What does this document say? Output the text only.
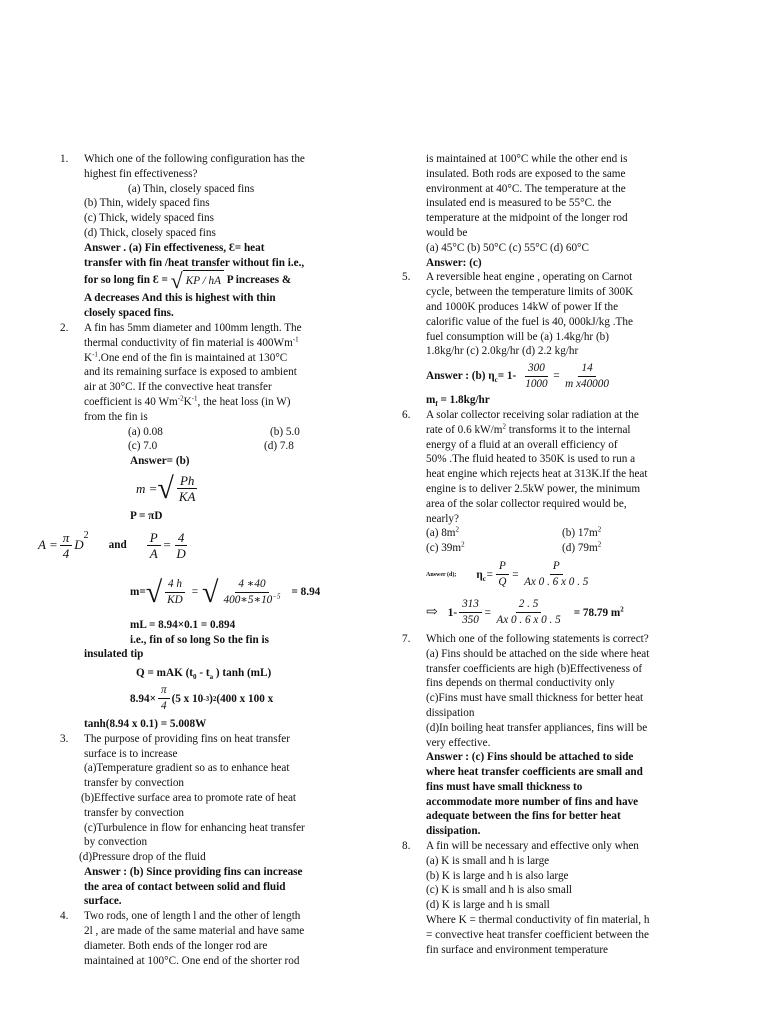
1. Which one of the following configuration has the
highest fin effectiveness?
(a) Thin, closely spaced fins
(b) Thin, widely spaced fins
(c) Thick, widely spaced fins
(d) Thick, closely spaced fins
Answer . (a) Fin effectiveness, Ɛ= heat
transfer with fin /heat transfer without fin i.e.,
for so long fin Ɛ = √ KP / hA P increases &
A decreases And this is highest with thin
closely spaced fins.
2. A fin has 5mm diameter and 100mm length. The
thermal conductivity of fin material is $400Wm^{-1}$
$K^{-1}.One$ end of the fin is maintained at 130°C
and its remaining surface is exposed to ambient
air at 30°C. If the convective heat transfer
coefficient is 40 $Wm^{-2}K^{-1}$, the heat loss (in W)
from the fin is
(a) 0.08	(b) 5.0
(c) 7.0	(d) 7.8
Answer= (b)
m = √ $\frac{Ph}{KA}$
P = πD
$A = \frac{\pi}{4}$ D
$^2$
and $\frac{P}{A} = \frac{4}{D}$
m= √ $\frac{4 h}{KD}$ = √ $\frac{4 ∗40}{400∗5∗10^{-5}} = 8.94$
mL = 8.94×0.1 = 0.894
i.e., fin of so long So the fin is
insulated tip
Q = mAK ($t_0 - t_a$ ) tanh (mL)
$8.94\times \frac{\pi}{4} (5$ x 10 -3 ) 2 (400 x 100 x
tanh(8.94 x 0.1) = 5.008W
3. The purpose of providing fins on heat transfer
surface is to increase
(a)Temperature gradient so as to enhance heat
transfer by convection
(b)Effective surface area to promote rate of heat
transfer by convection
(c)Turbulence in flow for enhancing heat transfer
by convection
(d)Pressure drop of the fluid
Answer : (b) Since providing fins can increase
the area of contact between solid and fluid
surface.
4. Two rods, one of length l and the other of length
2l , are made of the same material and have same
diameter. Both ends of the longer rod are
maintained at 100°C. One end of the shorter rod
is maintained at 100°C while the other end is
insulated. Both rods are exposed to the same
environment at 40°C. The temperature at the
insulated end is measured to be 55°C. the
temperature at the midpoint of the longer rod
would be
(a) 45°C (b) 50°C (c) 55°C (d) 60°C
Answer: (c)
5. A reversible heat engine , operating on Carnot
cycle, between the temperature limits of 300K
and 1000K produces 14kW of power If the
calorific value of the fuel is 40, 000kJ/kg .The
fuel consumption will be (a) 1.4kg/hr (b)
1.8kg/hr (c) 2.0kg/hr (d) 2.2 kg/hr
Answer : (b) $\eta_c= 1- \frac{300}{1000} = \frac{14}{\text{m x40000}}$
$m_f = 1.8kg/hr$
6. A solar collector receiving solar radiation at the
rate of 0.6 $kW/m^2$ transforms it to the internal
energy of a fluid at an overall efficiency of
50% .The fluid heated to 350K is used to run a
heat engine which rejects heat at 313K.If the heat
engine is to deliver 2.5kW power, the minimum
area of the solar collector required would be,
nearly?
(a) $8m^2$	(b) $17m^2$
(c) $39m^2$	(d) $79m^2$
Answer (d); $\eta_c = \frac{P}{Q} = \frac{P}{Ax 0 . 6 x 0 . 5}$
⇨ $1- \frac{313}{350} = \frac{2 . 5}{Ax 0 . 6 x 0 . 5} = 78.79$ $m^2$
7. Which one of the following statements is correct?
(a) Fins should be attached on the side where heat
transfer coefficients are high (b)Effectiveness of
fins depends on thermal conductivity only
(c)Fins must have small thickness for better heat
dissipation
(d)In boiling heat transfer appliances, fins will be
very effective.
Answer : (c) Fins should be attached to side
where heat transfer coefficients are small and
fins must have small thickness to
accommodate more number of fins and have
adequate between the fins for better heat
dissipation.
8. A fin will be necessary and effective only when
(a) K is small and h is large
(b) K is large and h is also large
(c) K is small and h is also small
(d) K is large and h is small
Where K = thermal conductivity of fin material, h
= convective heat transfer coefficient between the
fin surface and environment temperature
